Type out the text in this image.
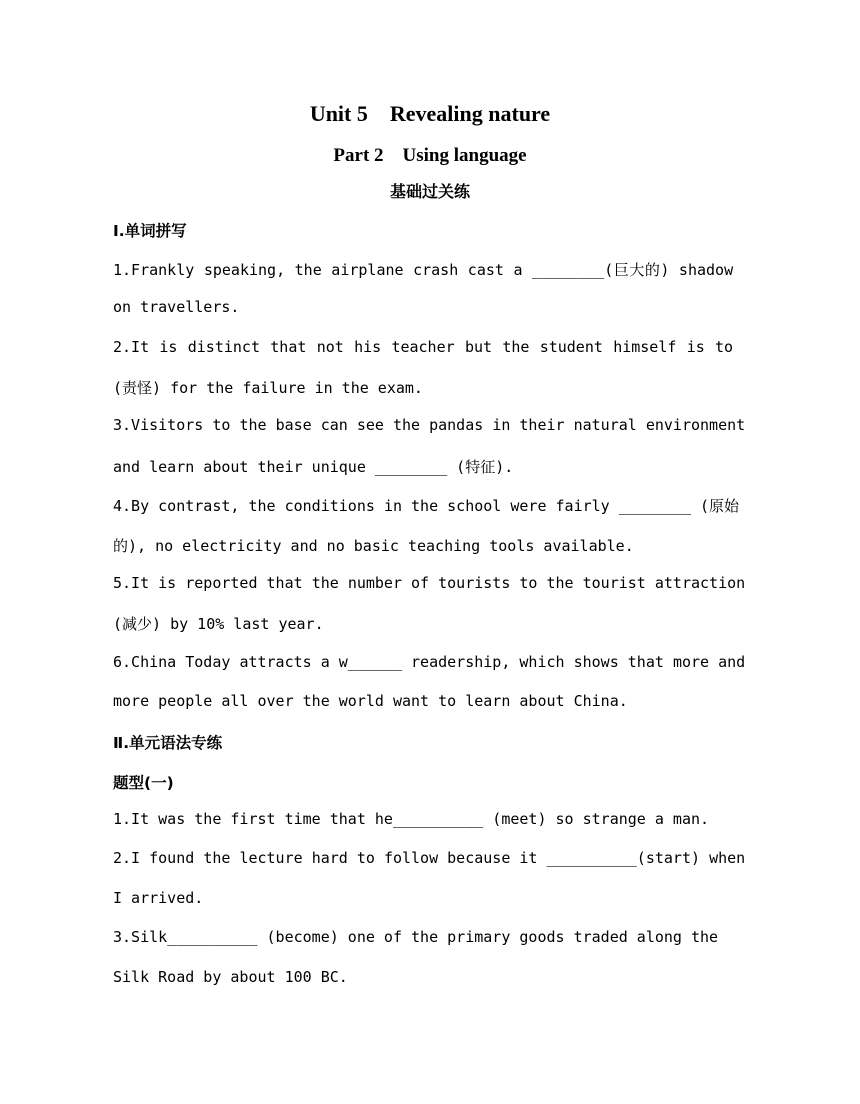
Unit 5　Revealing nature
Part 2　Using language
基础过关练
Ⅰ.单词拼写
1.Frankly speaking, the airplane crash cast a ________(巨大的) shadow
on travellers.
2.It is distinct that not his teacher but the student himself is to
(责怪) for the failure in the exam.
3.Visitors to the base can see the pandas in their natural environment
and learn about their unique ________ (特征).
4.By contrast, the conditions in the school were fairly ________ (原始
的), no electricity and no basic teaching tools available.
5.It is reported that the number of tourists to the tourist attraction
(减少) by 10% last year.
6.China Today attracts a w______ readership, which shows that more and
more people all over the world want to learn about China.
Ⅱ.单元语法专练
题型(一)
1.It was the first time that he__________ (meet) so strange a man.
2.I found the lecture hard to follow because it __________(start) when
I arrived.
3.Silk__________ (become) one of the primary goods traded along the
Silk Road by about 100 BC.
